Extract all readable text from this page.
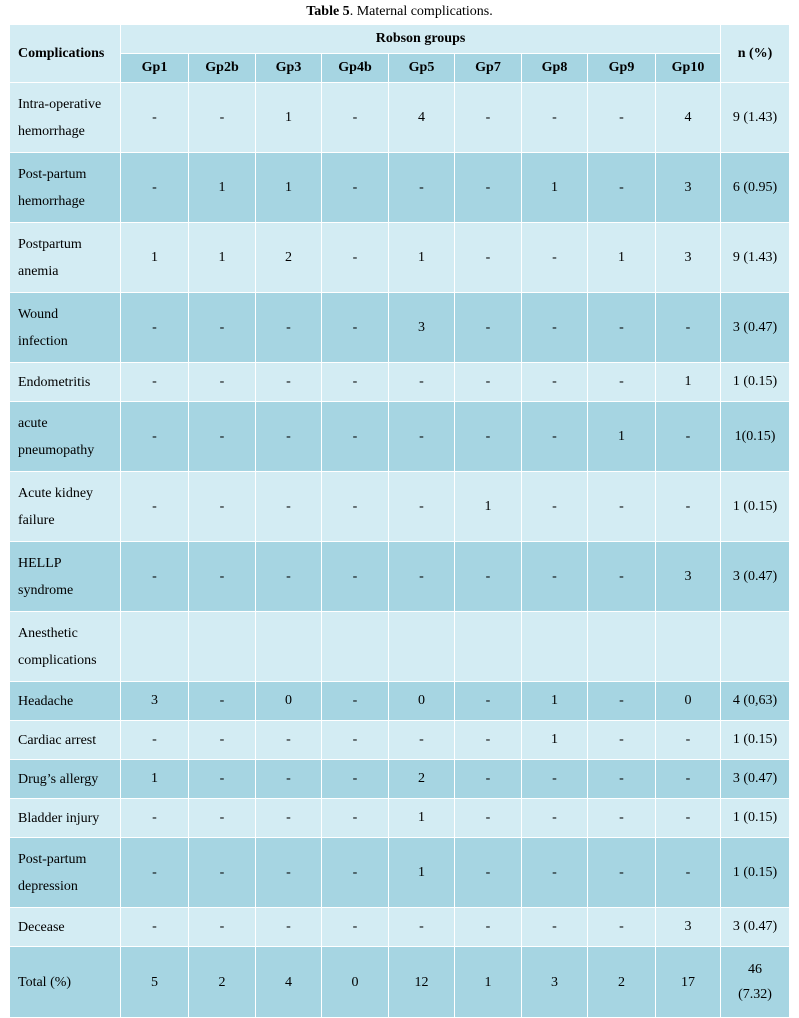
Table 5. Maternal complications.
Complications	Robson groups									n (%)
	Gp1	Gp2b	Gp3	Gp4b	Gp5	Gp7	Gp8	Gp9	Gp10	
Intra-operative
hemorrhage	-	-	1	-	4	-	-	-	4	9 (1.43)
Post-partum
hemorrhage	-	1	1	-	-	-	1	-	3	6 (0.95)
Postpartum
anemia	1	1	2	-	1	-	-	1	3	9 (1.43)
Wound
infection	-	-	-	-	3	-	-	-	-	3 (0.47)
Endometritis	-	-	-	-	-	-	-	-	1	1 (0.15)
acute
pneumopathy	-	-	-	-	-	-	-	1	-	1(0.15)
Acute kidney
failure	-	-	-	-	-	1	-	-	-	1 (0.15)
HELLP
syndrome	-	-	-	-	-	-	-	-	3	3 (0.47)
Anesthetic
complications										
Headache	3	-	0	-	0	-	1	-	0	4 (0,63)
Cardiac arrest	-	-	-	-	-	-	1	-	-	1 (0.15)
Drug’s allergy	1	-	-	-	2	-	-	-	-	3 (0.47)
Bladder injury	-	-	-	-	1	-	-	-	-	1 (0.15)
Post-partum
depression	-	-	-	-	1	-	-	-	-	1 (0.15)
Decease	-	-	-	-	-	-	-	-	3	3 (0.47)
Total (%)	5	2	4	0	12	1	3	2	17	46
(7.32)
